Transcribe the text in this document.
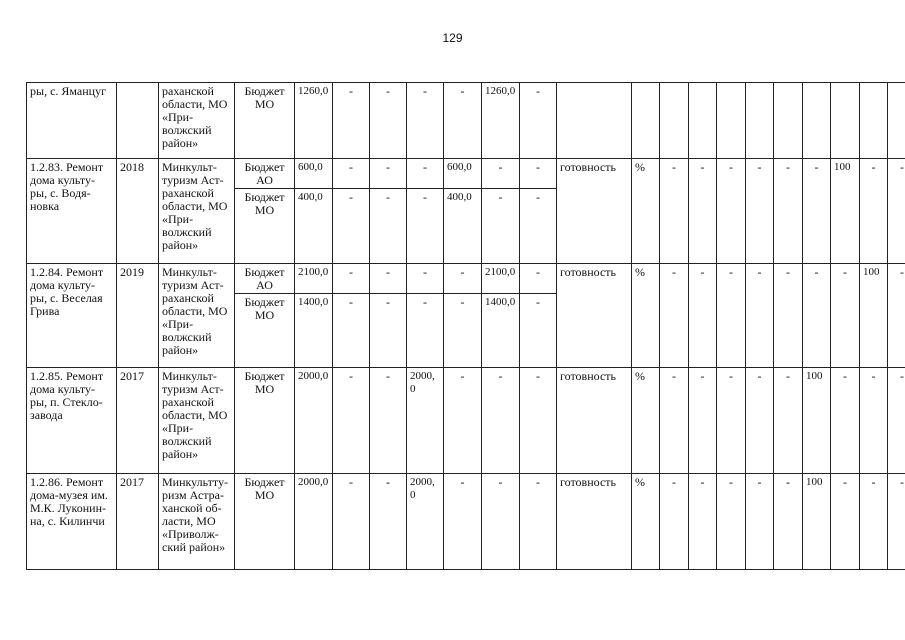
129
ры, с. Яманцуг		раханской области, МО «При- волжский район»	Бюджет МО	1260,0	-	-	-	-	1260,0	-											
1.2.83. Ремонт дома культу- ры, с. Водя- новка	2018	Минкульт- туризм Аст- раханской области, МО «При- волжский район»	Бюджет АО	600,0	-	-	-	600,0	-	-	готовность	%	-	-	-	-	-	-	100	-	-
			Бюджет МО	400,0	-	-	-	400,0	-	-											
1.2.84. Ремонт дома культу- ры, с. Веселая Грива	2019	Минкульт- туризм Аст- раханской области, МО «При- волжский район»	Бюджет АО	2100,0	-	-	-	-	2100,0	-	готовность	%	-	-	-	-	-	-	-	100	-
			Бюджет МО	1400,0	-	-	-	-	1400,0	-											
1.2.85. Ремонт дома культу- ры, п. Стекло- завода	2017	Минкульт- туризм Аст- раханской области, МО «При- волжский район»	Бюджет МО	2000,0	-	-	2000,0	-	-	-	готовность	%	-	-	-	-	-	100	-	-	-
1.2.86. Ремонт дома-музея им. М.К. Луконин- на, с. Килинчи	2017	Минкульттy- ризм Астра- ханской об- ласти, МО «Приволж- ский район»	Бюджет МО	2000,0	-	-	2000,0	-	-	-	готовность	%	-	-	-	-	-	100	-	-	-
